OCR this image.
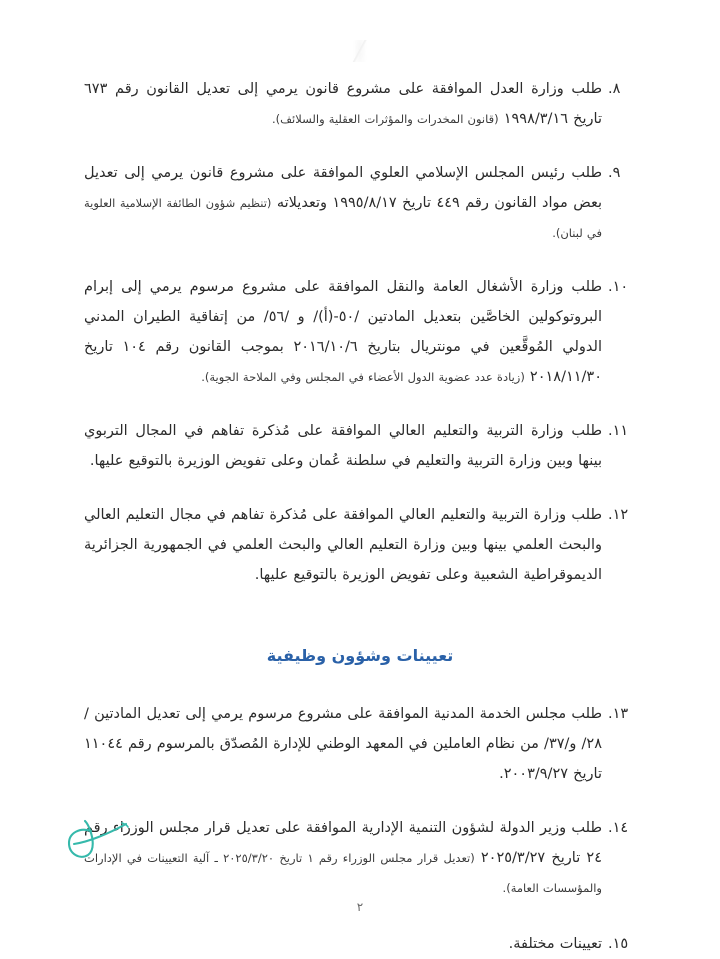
٨.

طلب وزارة العدل الموافقة على مشروع قانون يرمي إلى تعديل القانون رقم ٦٧٣ تاريخ ١٩٩٨/٣/١٦ (قانون المخدرات والمؤثرات العقلية والسلائف).

٩.

طلب رئيس المجلس الإسلامي العلوي الموافقة على مشروع قانون يرمي إلى تعديل بعض مواد القانون رقم ٤٤٩ تاريخ ١٩٩٥/٨/١٧ وتعديلاته (تنظيم شؤون الطائفة الإسلامية العلوية في لبنان).

١٠.

طلب وزارة الأشغال العامة والنقل الموافقة على مشروع مرسوم يرمي إلى إبرام البروتوكولين الخاصَّين بتعديل المادتين /٥٠-(أ)/ و /٥٦/ من إتفاقية الطيران المدني الدولي المُوقَّعين في مونتريال بتاريخ ٢٠١٦/١٠/٦ بموجب القانون رقم ١٠٤ تاريخ ٢٠١٨/١١/٣٠ (زيادة عدد عضوية الدول الأعضاء في المجلس وفي الملاحة الجوية).

١١.

طلب وزارة التربية والتعليم العالي الموافقة على مُذكرة تفاهم في المجال التربوي بينها وبين وزارة التربية والتعليم في سلطنة عُمان وعلى تفويض الوزيرة بالتوقيع عليها.

١٢.

طلب وزارة التربية والتعليم العالي الموافقة على مُذكرة تفاهم في مجال التعليم العالي والبحث العلمي بينها وبين وزارة التعليم العالي والبحث العلمي في الجمهورية الجزائرية الديموقراطية الشعبية وعلى تفويض الوزيرة بالتوقيع عليها.

تعيينات وشؤون وظيفية
١٣.

طلب مجلس الخدمة المدنية الموافقة على مشروع مرسوم يرمي إلى تعديل المادتين /٢٨/ و/٣٧/ من نظام العاملين في المعهد الوطني للإدارة المُصدّق بالمرسوم رقم ١١٠٤٤ تاريخ ٢٠٠٣/٩/٢٧.

١٤.

طلب وزير الدولة لشؤون التنمية الإدارية الموافقة على تعديل قرار مجلس الوزراء رقم ٢٤ تاريخ ٢٠٢٥/٣/٢٧ (تعديل قرار مجلس الوزراء رقم ١ تاريخ ٢٠٢٥/٣/٢٠ ـ آلية التعيينات في الإدارات والمؤسسات العامة).

١٥.

تعيينات مختلفة.

٢
